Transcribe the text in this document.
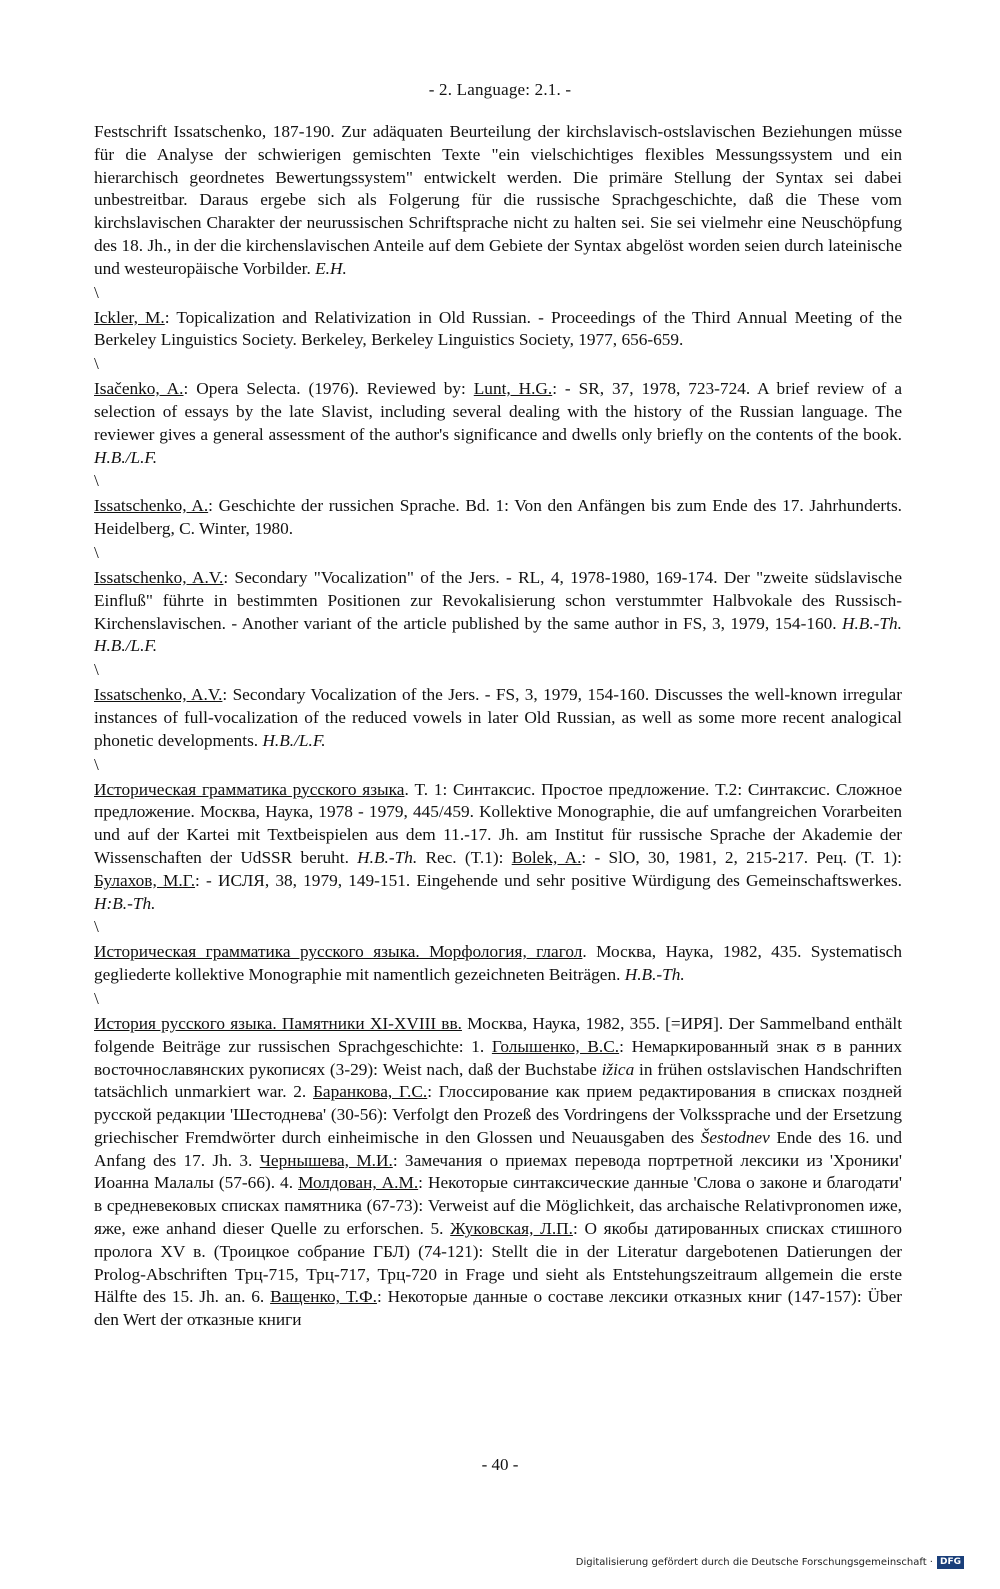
- 2. Language: 2.1. -

Festschrift Issatschenko, 187-190. Zur adäquaten Beurteilung der kirchslavisch-ostslavischen Beziehungen müsse für die Analyse der schwierigen gemischten Texte "ein vielschichtiges flexibles Messungssystem und ein hierarchisch geordnetes Bewertungssystem" entwickelt werden. Die primäre Stellung der Syntax sei dabei unbestreitbar. Daraus ergebe sich als Folgerung für die russische Sprachgeschichte, daß die These vom kirchslavischen Charakter der neurussischen Schriftsprache nicht zu halten sei. Sie sei vielmehr eine Neuschöpfung des 18. Jh., in der die kirchenslavischen Anteile auf dem Gebiete der Syntax abgelöst worden seien durch lateinische und westeuropäische Vorbilder. E.H.

\

Ickler, M.: Topicalization and Relativization in Old Russian. - Proceedings of the Third Annual Meeting of the Berkeley Linguistics Society. Berkeley, Berkeley Linguistics Society, 1977, 656-659.

\

Isačenko, A.: Opera Selecta. (1976). Reviewed by: Lunt, H.G.: - SR, 37, 1978, 723-724. A brief review of a selection of essays by the late Slavist, including several dealing with the history of the Russian language. The reviewer gives a general assessment of the author's significance and dwells only briefly on the contents of the book. H.B./L.F.

\

Issatschenko, A.: Geschichte der russichen Sprache. Bd. 1: Von den Anfängen bis zum Ende des 17. Jahrhunderts. Heidelberg, C. Winter, 1980.

\

Issatschenko, A.V.: Secondary "Vocalization" of the Jers. - RL, 4, 1978-1980, 169-174. Der "zweite südslavische Einfluß" führte in bestimmten Positionen zur Revokalisierung schon verstummter Halbvokale des Russisch-Kirchenslavischen. - Another variant of the article published by the same author in FS, 3, 1979, 154-160. H.B.-Th. H.B./L.F.

\

Issatschenko, A.V.: Secondary Vocalization of the Jers. - FS, 3, 1979, 154-160. Discusses the well-known irregular instances of full-vocalization of the reduced vowels in later Old Russian, as well as some more recent analogical phonetic developments. H.B./L.F.

\

Историческая грамматика русского языка. T. 1: Синтаксис. Простое предложение. T.2: Синтаксис. Сложное предложение. Москва, Наука, 1978 - 1979, 445/459. Kollektive Monographie, die auf umfangreichen Vorarbeiten und auf der Kartei mit Textbeispielen aus dem 11.-17. Jh. am Institut für russische Sprache der Akademie der Wissenschaften der UdSSR beruht. H.B.-Th. Rec. (T.1): Bolek, A.: - SlO, 30, 1981, 2, 215-217. Рец. (T. 1): Булахов, М.Г.: - ИСЛЯ, 38, 1979, 149-151. Eingehende und sehr positive Würdigung des Gemeinschaftswerkes. H:B.-Th.

\

Историческая грамматика русского языка. Морфология, глагол. Москва, Наука, 1982, 435. Systematisch gegliederte kollektive Monographie mit namentlich gezeichneten Beiträgen. H.B.-Th.

\

История русского языка. Памятники XI-XVIII вв. Москва, Наука, 1982, 355. [=ИРЯ]. Der Sammelband enthält folgende Beiträge zur russischen Sprachgeschichte: 1. Голышенко, В.С.: Немаркированный знак ʊ в ранних восточнославянских рукописях (3-29): Weist nach, daß der Buchstabe ižica in frühen ostslavischen Handschriften tatsächlich unmarkiert war. 2. Баранкова, Г.С.: Глоссирование как прием редактирования в списках поздней русской редакции 'Шестоднева' (30-56): Verfolgt den Prozeß des Vordringens der Volkssprache und der Ersetzung griechischer Fremdwörter durch einheimische in den Glossen und Neuausgaben des Šestodnev Ende des 16. und Anfang des 17. Jh. 3. Чернышева, М.И.: Замечания о приемах перевода портретной лексики из 'Хроники' Иоанна Малалы (57-66). 4. Молдован, А.М.: Некоторые синтаксические данные 'Слова о законе и благодати' в средневековых списках памятника (67-73): Verweist auf die Möglichkeit, das archaische Relativpronomen иже, яже, еже anhand dieser Quelle zu erforschen. 5. Жуковская, Л.П.: О якобы датированных списках стишного пролога XV в. (Троицкое собрание ГБЛ) (74-121): Stellt die in der Literatur dargebotenen Datierungen der Prolog-Abschriften Трц-715, Трц-717, Трц-720 in Frage und sieht als Entstehungszeitraum allgemein die erste Hälfte des 15. Jh. an. 6. Ващенко, Т.Ф.: Некоторые данные о составе лексики отказных книг (147-157): Über den Wert der отказные книги

- 40 -
Digitalisierung gefördert durch die Deutsche Forschungsgemeinschaft · DFG
